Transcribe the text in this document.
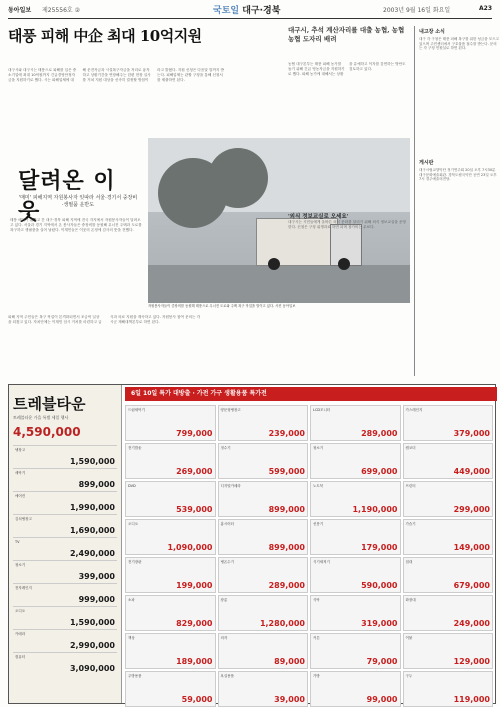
동아일보 제25556호 ②	국토일 대구·경북	2003년 9월 16일 화요일	A23
태풍 피해 中企 최대 10억지원
대구시와 대구시는 태풍으로 피해를 입은 중소기업에 최대 10억원까지 긴급경영안정자금을 지원하기로 했다. 시는 피해업체에 대해 운전자금과 시설복구자금을 저리로 융자하고 상환기간을 연장해주는 한편 현장 실사를 거쳐 지원 대상을 신속히 결정할 방침이라고 밝혔다. 지원 신청은 다음달 말까지 받는다. 피해업체는 관할 구청을 통해 신청서를 제출하면 된다.
대구시, 추석 계산자리를 대출 농협, 농협 농협 도자리 배려
농협 대구본부는 태풍 피해 농가를 돕기 위해 긴급 영농자금을 지원하기로 했다. 피해 농가에 대해서는 상환을 유예하고 이자를 감면하는 방안도 검토하고 있다.
달려온 이웃
'매미' 피해지역 자원봉사자 잇따라 서울·경기서 중장비·생필품 운반도
태풍 매미가 휩쓸고 간 대구·경북 피해 지역에 전국 각지에서 자원봉사자들이 달려오고 있다. 서울과 경기 지역에서 온 봉사자들은 중장비를 동원해 무너진 주택과 도로를 복구하고 생필품을 실어 날랐다. 이재민들은 이웃의 온정에 감사의 뜻을 전했다.
자원봉사자들이 중장비를 동원해 태풍으로 무너진 도로와 주택 복구 작업을 벌이고 있다. 사진 동아일보
피해 지역 주민들은 복구 작업이 본격화되면서 조금씩 일상을 되찾고 있다. 자치단체는 이재민 임시 거처를 마련하고 급식과 의료 지원을 계속하고 있다. 자원봉사 참여 문의는 각 시군 재해대책본부로 하면 된다.
'외식 정보교실로 오세요'
대구시는 시민들에게 올바른 외식 문화를 알리기 위해 외식 정보교실을 운영한다. 신청은 구청 위생과로 하면 되며 참가비는 무료다.
내고장 소식
대구 각 구청은 태풍 피해 복구를 위한 성금을 모으고 있으며 주민센터에서 구호물품 접수를 받는다. 문의는 각 구청 민원실로 하면 된다.
게시판
대구시립교향악단 정기연주회 20일 오후 7시30분 대구문화예술회관. 경북도립국악단 공연 23일 오후 7시 경주예술의전당.
트레블타운
트레블타운 가을 특별 세일 행사
4,590,000
냉장고
1,590,000
세탁기
899,000
에어컨
1,990,000
김치냉장고
1,690,000
TV
2,490,000
청소기
399,000
전자레인지
999,000
오디오
1,590,000
카메라
2,990,000
컴퓨터
3,090,000
6일 10일 특가 대방출 · 가전 가구 생활용품 특가전
드럼세탁기
799,000
양문형냉장고
239,000
LCD모니터
289,000
가스레인지
379,000
전기밥솥
269,000
정수기
599,000
청소기
699,000
캠코더
449,000
DVD
539,000
디지털카메라
899,000
노트북
1,190,000
프린터
299,000
오디오
1,090,000
홈시어터
899,000
선풍기
179,000
가습기
149,000
전기장판
199,000
냉온수기
289,000
식기세척기
590,000
침대
679,000
소파
829,000
장롱
1,280,000
식탁
319,000
화장대
249,000
책상
189,000
의자
89,000
커튼
79,000
이불
129,000
주방용품
59,000
욕실용품
39,000
가방
99,000
구두
119,000
